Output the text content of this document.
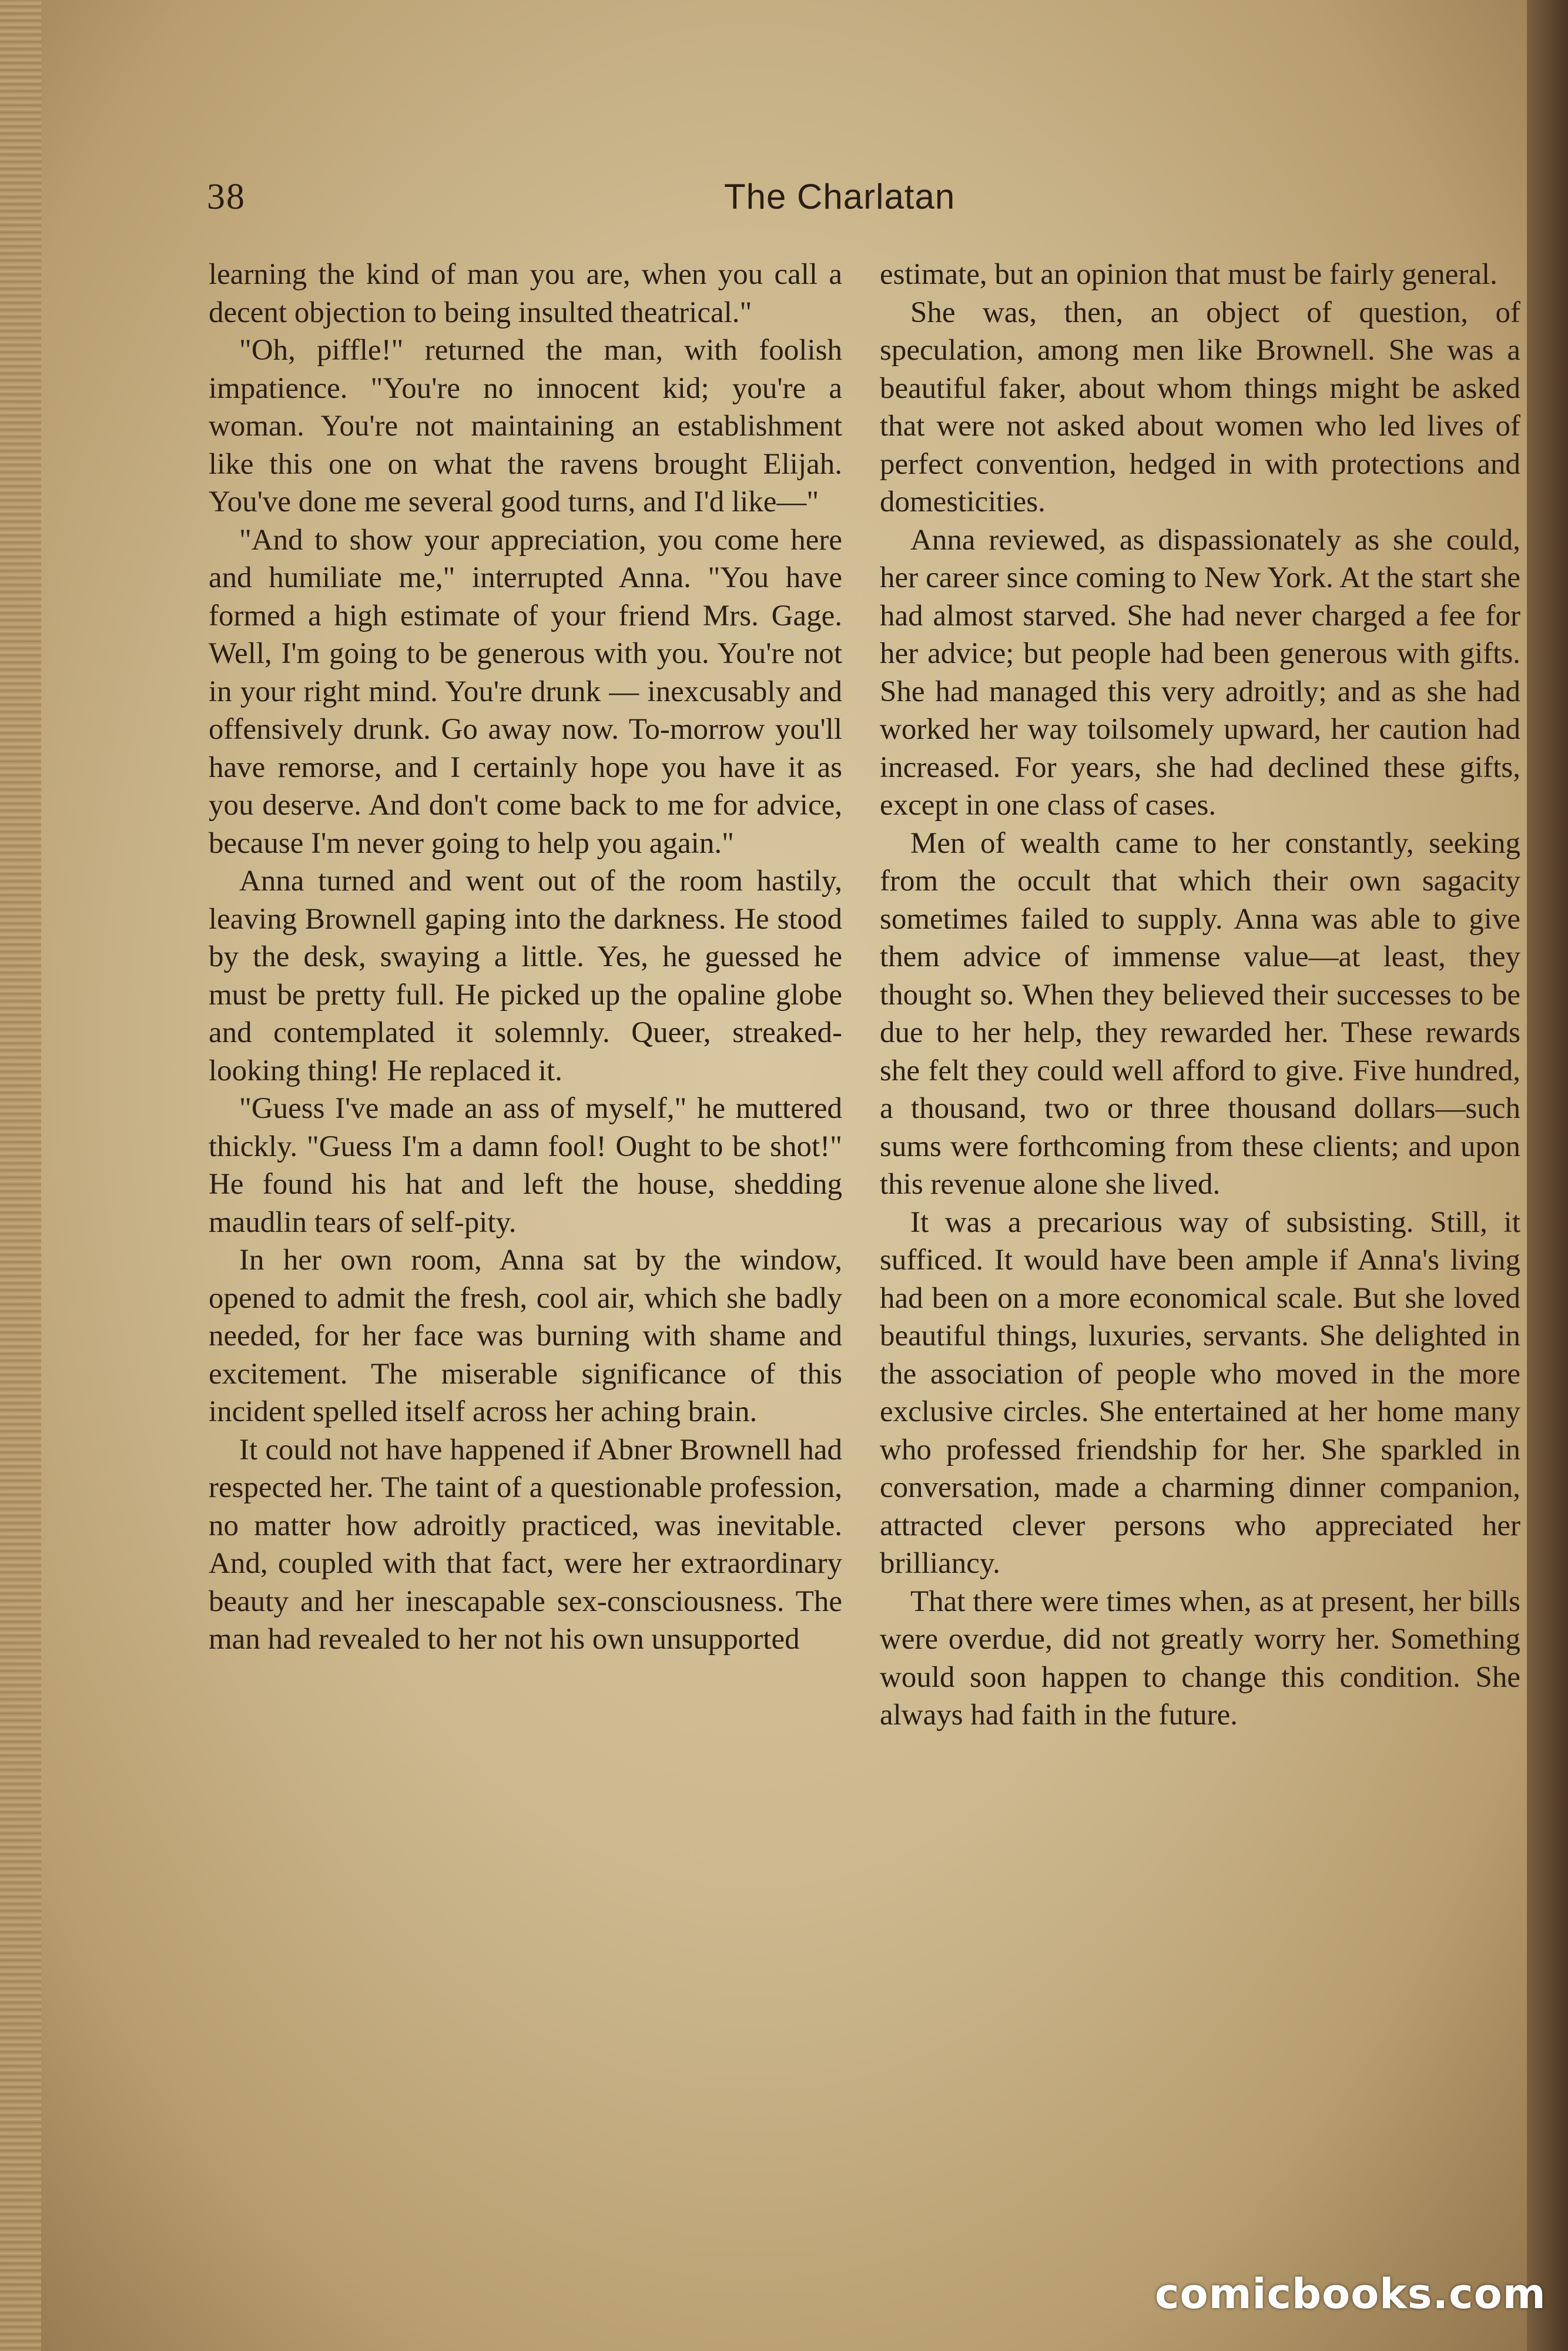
38	The Charlatan

learning the kind of man you are, when you call a decent objection to being insulted theatrical."

"Oh, piffle!" returned the man, with foolish impatience. "You're no innocent kid; you're a woman. You're not maintaining an establishment like this one on what the ravens brought Elijah. You've done me several good turns, and I'd like—"

"And to show your appreciation, you come here and humiliate me," interrupted Anna. "You have formed a high estimate of your friend Mrs. Gage. Well, I'm going to be generous with you. You're not in your right mind. You're drunk — inexcusably and offensively drunk. Go away now. To-morrow you'll have remorse, and I certainly hope you have it as you deserve. And don't come back to me for advice, because I'm never going to help you again."

Anna turned and went out of the room hastily, leaving Brownell gaping into the darkness. He stood by the desk, swaying a little. Yes, he guessed he must be pretty full. He picked up the opaline globe and contemplated it solemnly. Queer, streaked-looking thing! He replaced it.

"Guess I've made an ass of myself," he muttered thickly. "Guess I'm a damn fool! Ought to be shot!" He found his hat and left the house, shedding maudlin tears of self-pity.

In her own room, Anna sat by the window, opened to admit the fresh, cool air, which she badly needed, for her face was burning with shame and excitement. The miserable significance of this incident spelled itself across her aching brain.

It could not have happened if Abner Brownell had respected her. The taint of a questionable profession, no matter how adroitly practiced, was inevitable. And, coupled with that fact, were her extraordinary beauty and her inescapable sex-consciousness. The man had revealed to her not his own unsupported

estimate, but an opinion that must be fairly general.

She was, then, an object of question, of speculation, among men like Brownell. She was a beautiful faker, about whom things might be asked that were not asked about women who led lives of perfect convention, hedged in with protections and domesticities.

Anna reviewed, as dispassionately as she could, her career since coming to New York. At the start she had almost starved. She had never charged a fee for her advice; but people had been generous with gifts. She had managed this very adroitly; and as she had worked her way toilsomely upward, her caution had increased. For years, she had declined these gifts, except in one class of cases.

Men of wealth came to her constantly, seeking from the occult that which their own sagacity sometimes failed to supply. Anna was able to give them advice of immense value—at least, they thought so. When they believed their successes to be due to her help, they rewarded her. These rewards she felt they could well afford to give. Five hundred, a thousand, two or three thousand dollars—such sums were forthcoming from these clients; and upon this revenue alone she lived.

It was a precarious way of subsisting. Still, it sufficed. It would have been ample if Anna's living had been on a more economical scale. But she loved beautiful things, luxuries, servants. She delighted in the association of people who moved in the more exclusive circles. She entertained at her home many who professed friendship for her. She sparkled in conversation, made a charming dinner companion, attracted clever persons who appreciated her brilliancy.

That there were times when, as at present, her bills were overdue, did not greatly worry her. Something would soon happen to change this condition. She always had faith in the future.

comicbooks.com
